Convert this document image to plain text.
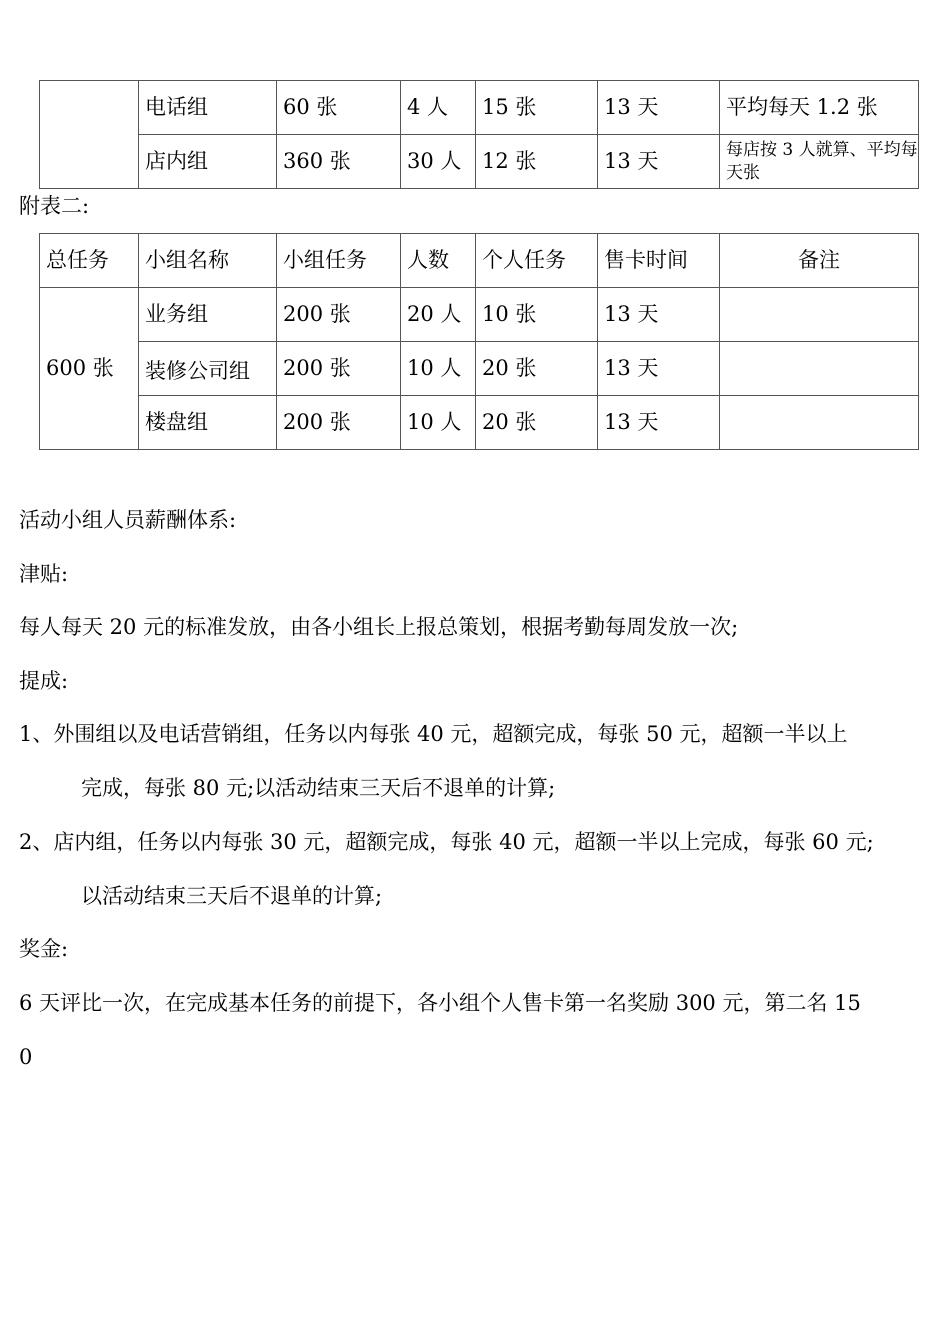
	电话组	60 张	4 人	15 张	13 天	平均每天 1.2 张

	店内组	360 张	30 人	12 张	13 天	每店按 3 人就算、平均每天张

附表二:

总任务	小组名称	小组任务	人数	个人任务	售卡时间	备注

600 张	业务组	200 张	20 人	10 张	13 天	

	装修公司组	200 张	10 人	20 张	13 天	

	楼盘组	200 张	10 人	20 张	13 天	

活动小组人员薪酬体系:

津贴:

每人每天 20 元的标准发放，由各小组长上报总策划，根据考勤每周发放一次;

提成:

1、外围组以及电话营销组，任务以内每张 40 元，超额完成，每张 50 元，超额一半以上

完成，每张 80 元;以活动结束三天后不退单的计算;

2、店内组，任务以内每张 30 元，超额完成，每张 40 元，超额一半以上完成，每张 60 元;

以活动结束三天后不退单的计算;

奖金:

6 天评比一次，在完成基本任务的前提下，各小组个人售卡第一名奖励 300 元，第二名 15

0
